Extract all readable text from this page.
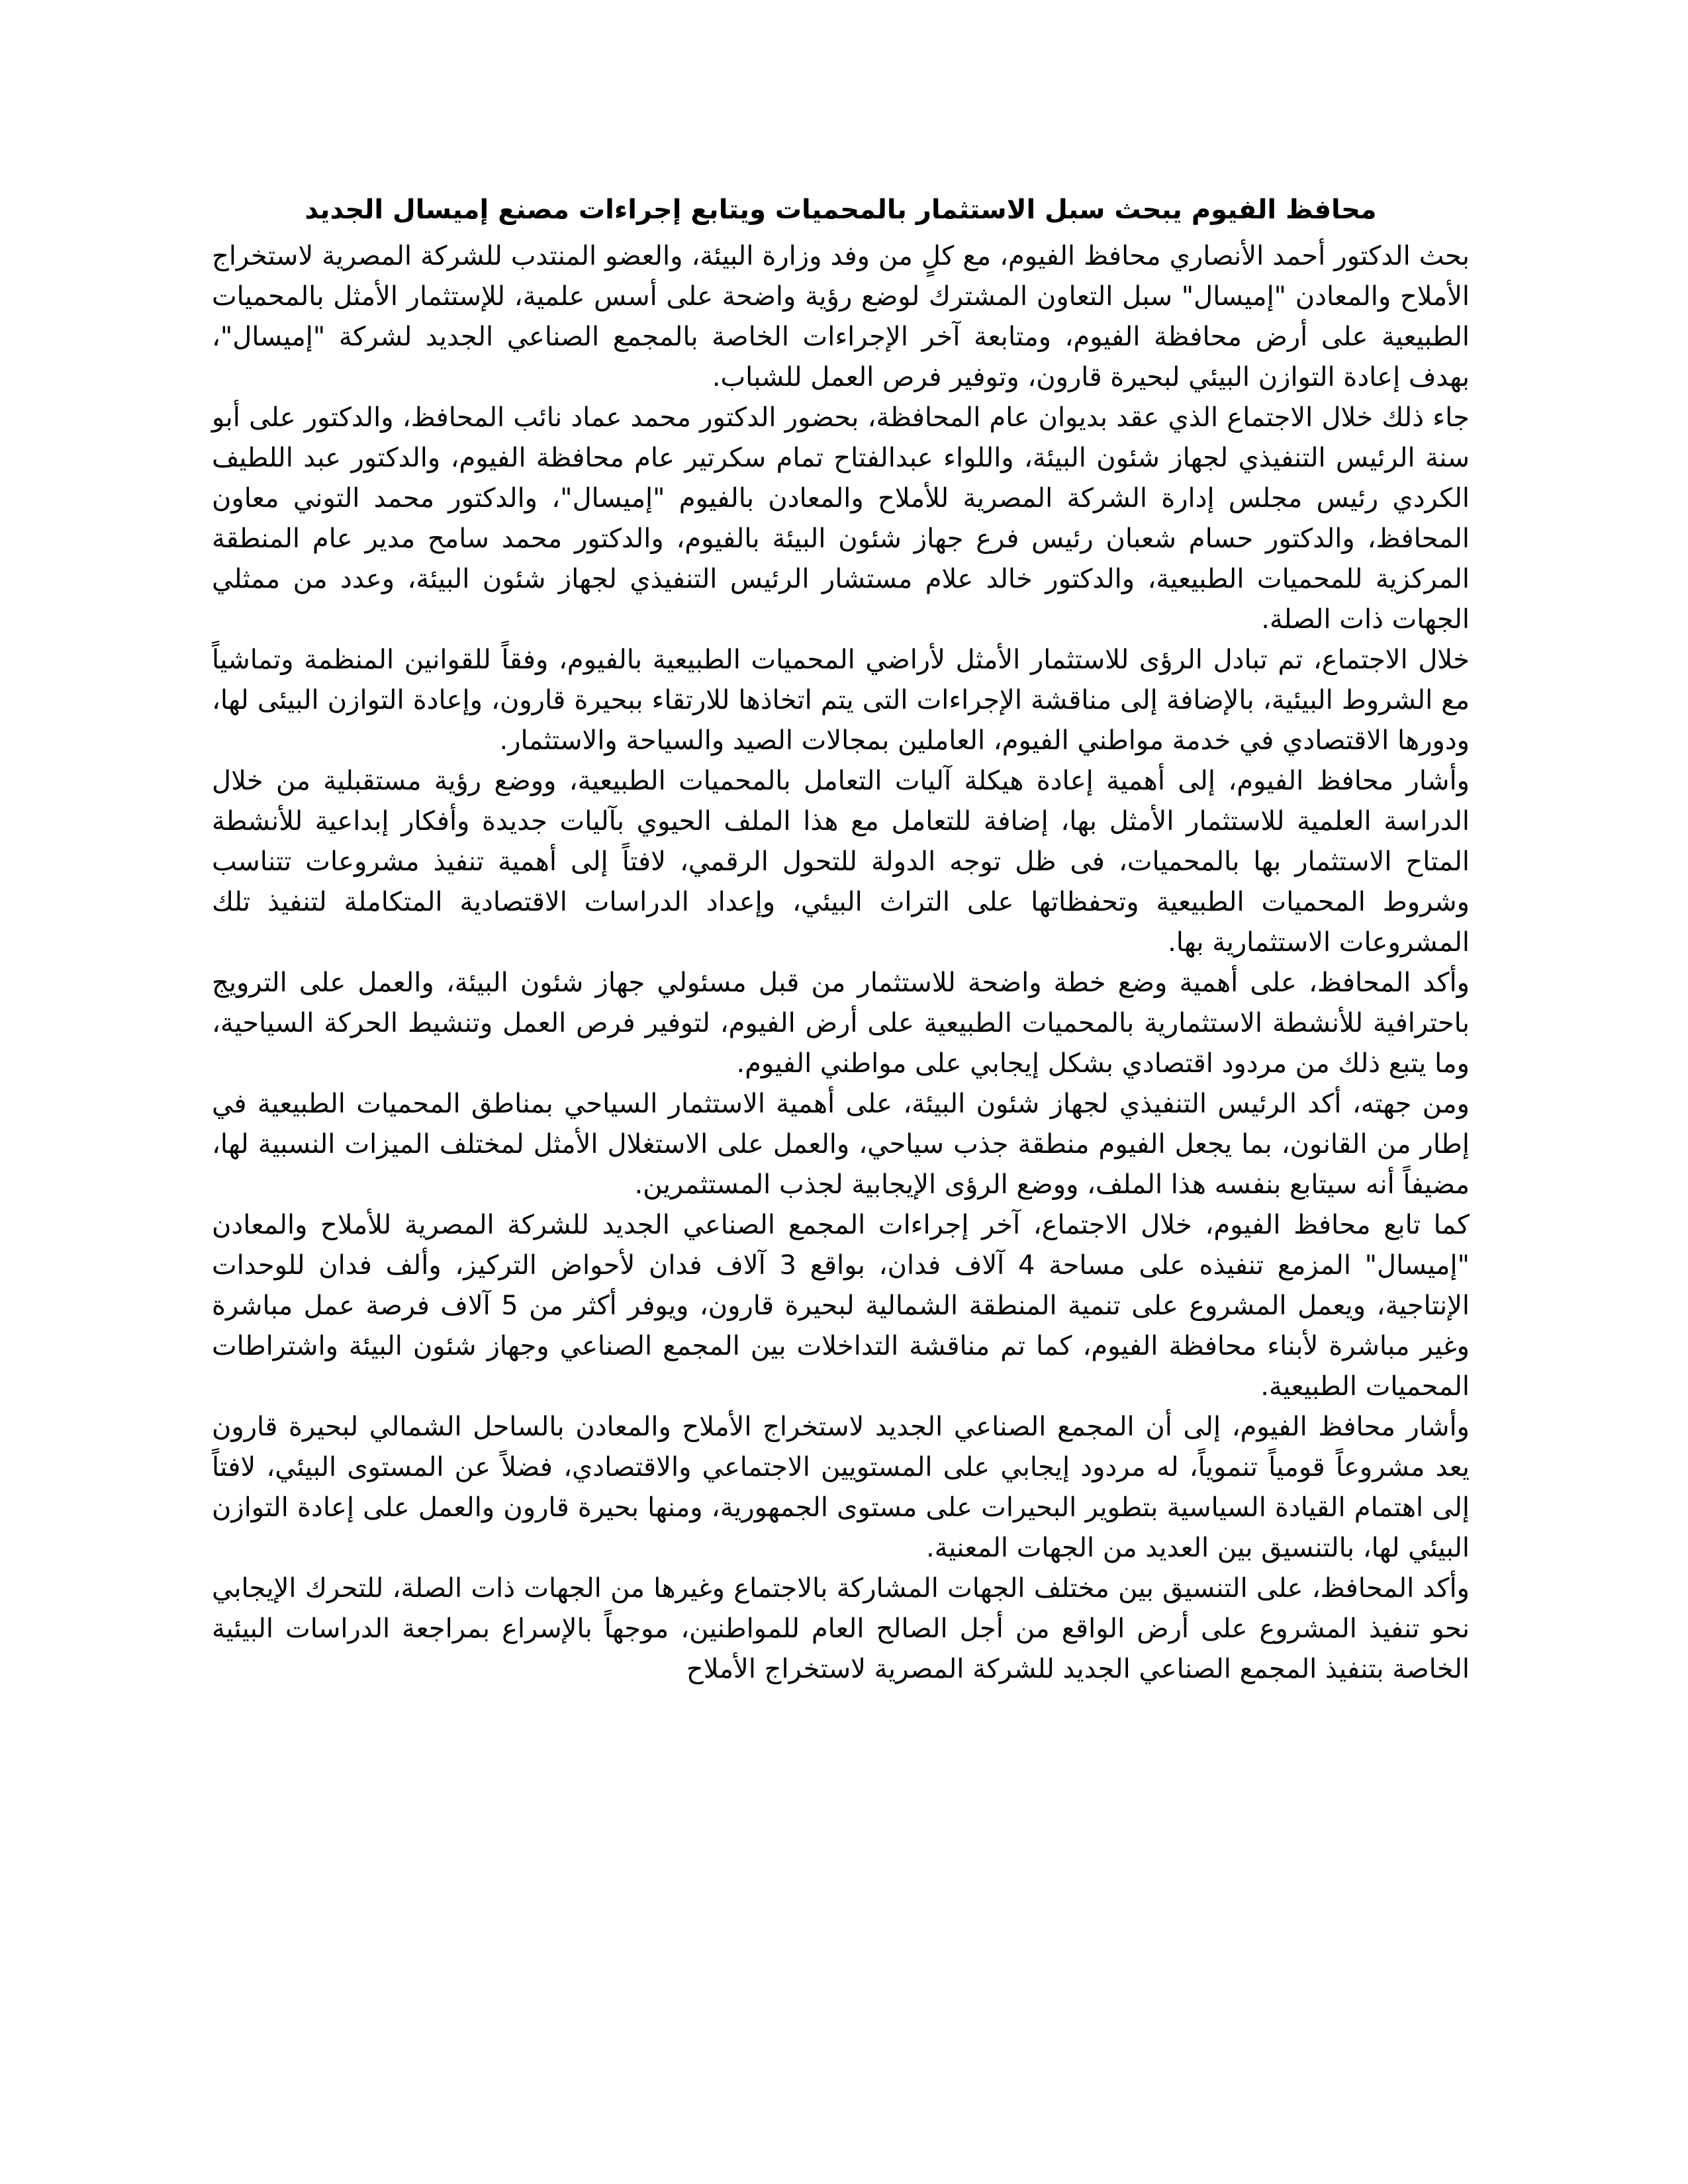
محافظ الفيوم يبحث سبل الاستثمار بالمحميات ويتابع إجراءات مصنع إميسال الجديد

بحث الدكتور أحمد الأنصاري محافظ الفيوم، مع كلٍ من وفد وزارة البيئة، والعضو المنتدب للشركة المصرية لاستخراج الأملاح والمعادن "إميسال" سبل التعاون المشترك لوضع رؤية واضحة على أسس علمية، للإستثمار الأمثل بالمحميات الطبيعية على أرض محافظة الفيوم، ومتابعة آخر الإجراءات الخاصة بالمجمع الصناعي الجديد لشركة "إميسال"، بهدف إعادة التوازن البيئي لبحيرة قارون، وتوفير فرص العمل للشباب.

جاء ذلك خلال الاجتماع الذي عقد بديوان عام المحافظة، بحضور الدكتور محمد عماد نائب المحافظ، والدكتور على أبو سنة الرئيس التنفيذي لجهاز شئون البيئة، واللواء عبدالفتاح تمام سكرتير عام محافظة الفيوم، والدكتور عبد اللطيف الكردي رئيس مجلس إدارة الشركة المصرية للأملاح والمعادن بالفيوم "إميسال"، والدكتور محمد التوني معاون المحافظ، والدكتور حسام شعبان رئيس فرع جهاز شئون البيئة بالفيوم، والدكتور محمد سامح مدير عام المنطقة المركزية للمحميات الطبيعية، والدكتور خالد علام مستشار الرئيس التنفيذي لجهاز شئون البيئة، وعدد من ممثلي الجهات ذات الصلة.

خلال الاجتماع، تم تبادل الرؤى للاستثمار الأمثل لأراضي المحميات الطبيعية بالفيوم، وفقاً للقوانين المنظمة وتماشياً مع الشروط البيئية، بالإضافة إلى مناقشة الإجراءات التى يتم اتخاذها للارتقاء ببحيرة قارون، وإعادة التوازن البيئى لها، ودورها الاقتصادي في خدمة مواطني الفيوم، العاملين بمجالات الصيد والسياحة والاستثمار.

وأشار محافظ الفيوم، إلى أهمية إعادة هيكلة آليات التعامل بالمحميات الطبيعية، ووضع رؤية مستقبلية من خلال الدراسة العلمية للاستثمار الأمثل بها، إضافة للتعامل مع هذا الملف الحيوي بآليات جديدة وأفكار إبداعية للأنشطة المتاح الاستثمار بها بالمحميات، فى ظل توجه الدولة للتحول الرقمي، لافتاً إلى أهمية تنفيذ مشروعات تتناسب وشروط المحميات الطبيعية وتحفظاتها على التراث البيئي، وإعداد الدراسات الاقتصادية المتكاملة لتنفيذ تلك المشروعات الاستثمارية بها.

وأكد المحافظ، على أهمية وضع خطة واضحة للاستثمار من قبل مسئولي جهاز شئون البيئة، والعمل على الترويج باحترافية للأنشطة الاستثمارية بالمحميات الطبيعية على أرض الفيوم، لتوفير فرص العمل وتنشيط الحركة السياحية، وما يتبع ذلك من مردود اقتصادي بشكل إيجابي على مواطني الفيوم.

ومن جهته، أكد الرئيس التنفيذي لجهاز شئون البيئة، على أهمية الاستثمار السياحي بمناطق المحميات الطبيعية في إطار من القانون، بما يجعل الفيوم منطقة جذب سياحي، والعمل على الاستغلال الأمثل لمختلف الميزات النسبية لها، مضيفاً أنه سيتابع بنفسه هذا الملف، ووضع الرؤى الإيجابية لجذب المستثمرين.

كما تابع محافظ الفيوم، خلال الاجتماع، آخر إجراءات المجمع الصناعي الجديد للشركة المصرية للأملاح والمعادن "إميسال" المزمع تنفيذه على مساحة 4 آلاف فدان، بواقع 3 آلاف فدان لأحواض التركيز، وألف فدان للوحدات الإنتاجية، ويعمل المشروع على تنمية المنطقة الشمالية لبحيرة قارون، ويوفر أكثر من 5 آلاف فرصة عمل مباشرة وغير مباشرة لأبناء محافظة الفيوم، كما تم مناقشة التداخلات بين المجمع الصناعي وجهاز شئون البيئة واشتراطات المحميات الطبيعية.

وأشار محافظ الفيوم، إلى أن المجمع الصناعي الجديد لاستخراج الأملاح والمعادن بالساحل الشمالي لبحيرة قارون يعد مشروعاً قومياً تنموياً، له مردود إيجابي على المستويين الاجتماعي والاقتصادي، فضلاً عن المستوى البيئي، لافتاً إلى اهتمام القيادة السياسية بتطوير البحيرات على مستوى الجمهورية، ومنها بحيرة قارون والعمل على إعادة التوازن البيئي لها، بالتنسيق بين العديد من الجهات المعنية.

وأكد المحافظ، على التنسيق بين مختلف الجهات المشاركة بالاجتماع وغيرها من الجهات ذات الصلة، للتحرك الإيجابي نحو تنفيذ المشروع على أرض الواقع من أجل الصالح العام للمواطنين، موجهاً بالإسراع بمراجعة الدراسات البيئية الخاصة بتنفيذ المجمع الصناعي الجديد للشركة المصرية لاستخراج الأملاح
